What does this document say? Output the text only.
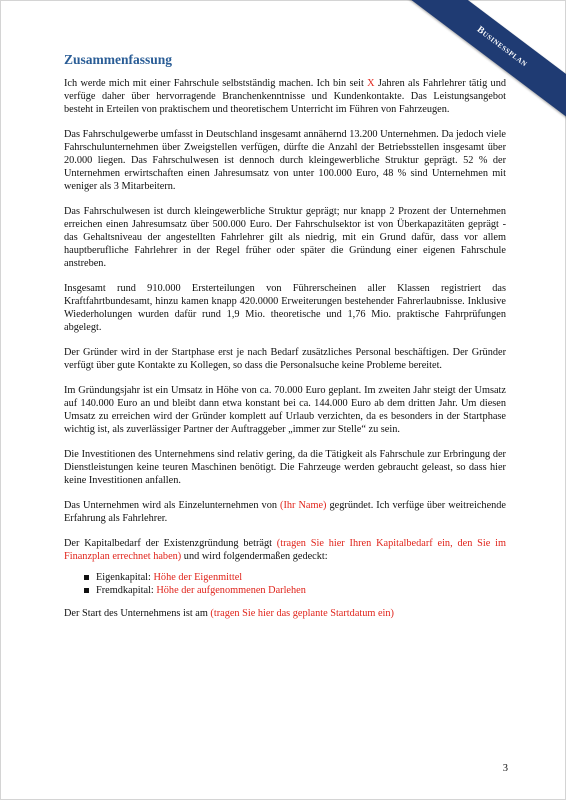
Businessplan
Zusammenfassung

Ich werde mich mit einer Fahrschule selbstständig machen. Ich bin seit X Jahren als Fahrlehrer tätig und verfüge daher über hervorragende Branchenkenntnisse und Kundenkontakte. Das Leistungsangebot besteht in Erteilen von praktischem und theoretischem Unterricht im Führen von Fahrzeugen.

Das Fahrschulgewerbe umfasst in Deutschland insgesamt annähernd 13.200 Unternehmen. Da jedoch viele Fahrschulunternehmen über Zweigstellen verfügen, dürfte die Anzahl der Betriebsstellen insgesamt über 20.000 liegen. Das Fahrschulwesen ist dennoch durch kleingewerbliche Struktur geprägt. 52 % der Unternehmen erwirtschaften einen Jahresumsatz von unter 100.000 Euro, 48 % sind Unternehmen mit weniger als 3 Mitarbeitern.

Das Fahrschulwesen ist durch kleingewerbliche Struktur geprägt; nur knapp 2 Prozent der Unternehmen erreichen einen Jahresumsatz über 500.000 Euro. Der Fahrschulsektor ist von Überkapazitäten geprägt - das Gehaltsniveau der angestellten Fahrlehrer gilt als niedrig, mit ein Grund dafür, dass vor allem hauptberufliche Fahrlehrer in der Regel früher oder später die Gründung einer eigenen Fahrschule anstreben.

Insgesamt rund 910.000 Ersterteilungen von Führerscheinen aller Klassen registriert das Kraftfahrtbundesamt, hinzu kamen knapp 420.0000 Erweiterungen bestehender Fahrerlaubnisse. Inklusive Wiederholungen wurden dafür rund 1,9 Mio. theoretische und 1,76 Mio. praktische Fahrprüfungen abgelegt.

Der Gründer wird in der Startphase erst je nach Bedarf zusätzliches Personal beschäftigen. Der Gründer verfügt über gute Kontakte zu Kollegen, so dass die Personalsuche keine Probleme bereitet.

Im Gründungsjahr ist ein Umsatz in Höhe von ca. 70.000 Euro geplant. Im zweiten Jahr steigt der Umsatz auf 140.000 Euro an und bleibt dann etwa konstant bei ca. 144.000 Euro ab dem dritten Jahr. Um diesen Umsatz zu erreichen wird der Gründer komplett auf Urlaub verzichten, da es besonders in der Startphase wichtig ist, als zuverlässiger Partner der Auftraggeber „immer zur Stelle“ zu sein.

Die Investitionen des Unternehmens sind relativ gering, da die Tätigkeit als Fahrschule zur Erbringung der Dienstleistungen keine teuren Maschinen benötigt. Die Fahrzeuge werden gebraucht geleast, so dass hier keine Investitionen anfallen.

Das Unternehmen wird als Einzelunternehmen von (Ihr Name) gegründet. Ich verfüge über weitreichende Erfahrung als Fahrlehrer.

Der Kapitalbedarf der Existenzgründung beträgt (tragen Sie hier Ihren Kapitalbedarf ein, den Sie im Finanzplan errechnet haben) und wird folgendermaßen gedeckt:

Eigenkapital: Höhe der Eigenmittel
Fremdkapital: Höhe der aufgenommenen Darlehen

Der Start des Unternehmens ist am (tragen Sie hier das geplante Startdatum ein)

3
